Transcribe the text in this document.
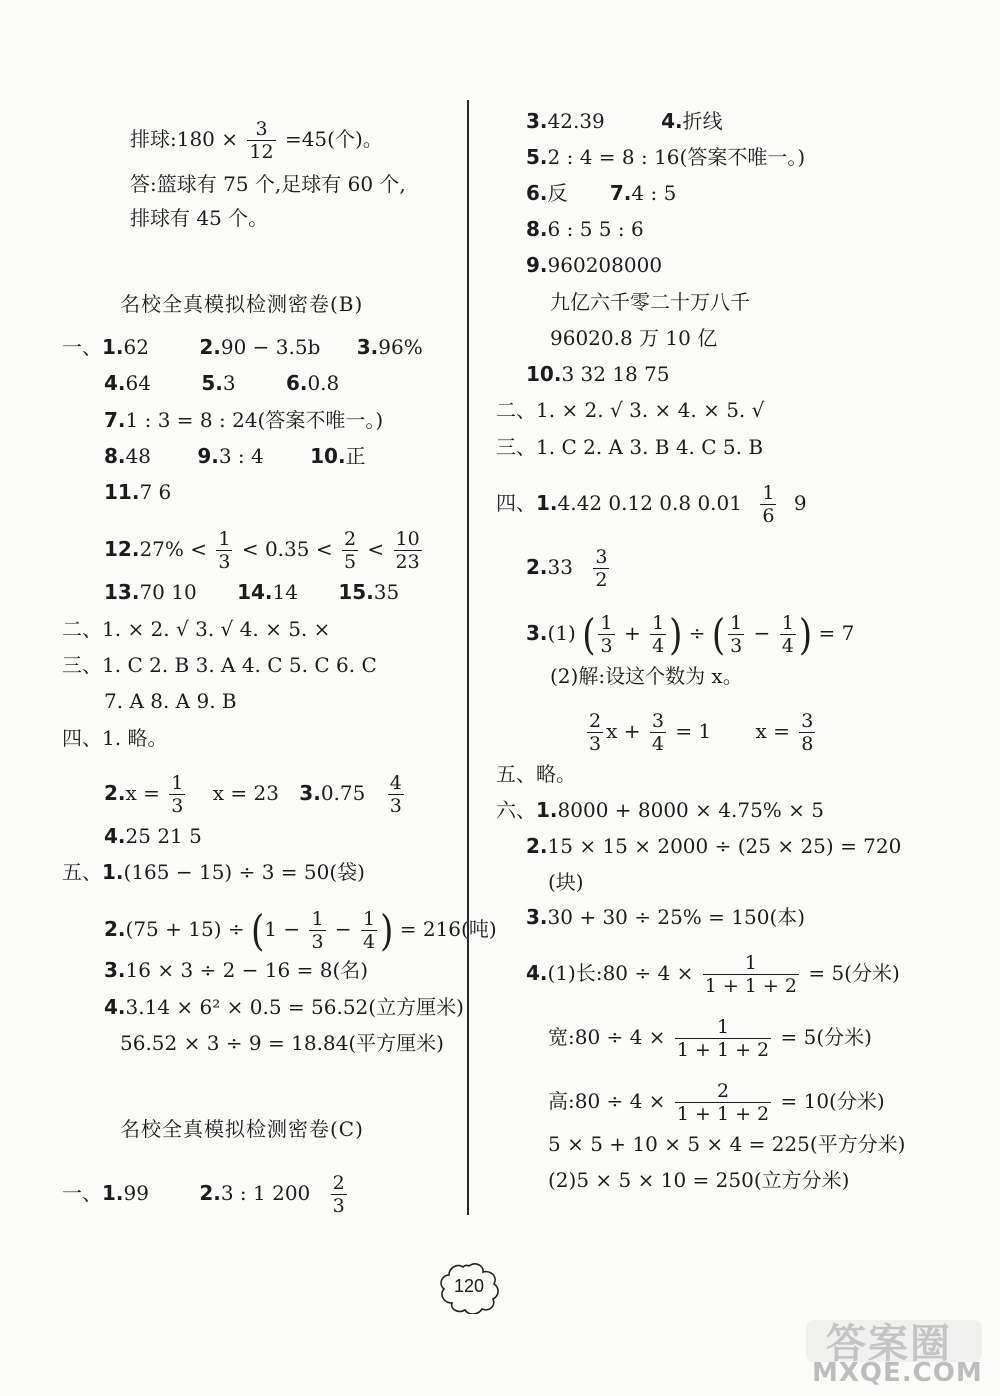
排球:180 × $\frac{3}{12} =45$(个)。
答:篮球有 75 个,足球有 60 个,
排球有 45 个。
名校全真模拟检测密卷(B)
一、1.62	2.90 − 3.5b 3.96%
4.64	5.3	6.0.8
7.1 : 3 = 8 : 24(答案不唯一。)
8.48 9.3 : 4 10.正
11.7 6
$12.27\% < \frac{1}{3} < 0.35 < \frac{2}{5} < \frac{10}{23}$
13.70 10 14.14 15.35
二、1. × 2. √ 3. √ 4. × 5. ×
三、1. C 2. B 3. A 4. C 5. C 6. C
7. A 8. A 9. B
四、1. 略。
$2.x = \frac{1}{3}$ x = 23 $3.0.75 \frac{4}{3}$
4.25 21 5
五、1.(165 − 15) ÷ 3 = 50(袋)
$2.(75 + 15) \div (1 - \frac{1}{3} - \frac{1}{4}$ ) = 216(吨)
3.16 × 3 ÷ 2 − 16 = 8(名)
4.3.14 × 6² × 0.5 = 56.52(立方厘米)
56.52 × 3 ÷ 9 = 18.84(平方厘米)
名校全真模拟检测密卷(C)
一、1.99	2.3 : 1 $200 \frac{2}{3}$
3.42.39	4.折线
5.2 : 4 = 8 : 16(答案不唯一。)
6.反 7.4 : 5
8.6 : 5 5 : 6
9.960208000
九亿六千零二十万八千
96020.8 万 10 亿
10.3 32 18 75
二、1. × 2. √ 3. × 4. × 5. √
三、1. C 2. A 3. B 4. C 5. B
四、1.4.42 0.12 0.8 $0.01 \frac{1}{6} 9$
$2.33 \frac{3}{2}$
3.(1) ( $\frac{1}{3} + \frac{1}{4}$ ) ÷ ( $\frac{1}{3} - \frac{1}{4}$ ) = 7
(2)解:设这个数为 x。
$\frac{2}{3}$ $x + \frac{3}{4} = 1$ $x = \frac{3}{8}$
五、略。
六、1.8000 + 8000 × 4.75% × 5
2.15 × 15 × 2000 ÷ (25 × 25) = 720
(块)
3.30 + 30 ÷ 25% = 150(本)
4.(1)长:80 ÷ $4 \times \frac{1}{1 + 1 + 2} = 5$(分米)
宽:80 ÷ $4 \times \frac{1}{1 + 1 + 2} = 5$(分米)
高:80 ÷ $4 \times \frac{2}{1 + 1 + 2} = 10$(分米)
5 × 5 + 10 × 5 × 4 = 225(平方分米)
(2)5 × 5 × 10 = 250(立方分米)
120
答案圈
MXQE.COM
